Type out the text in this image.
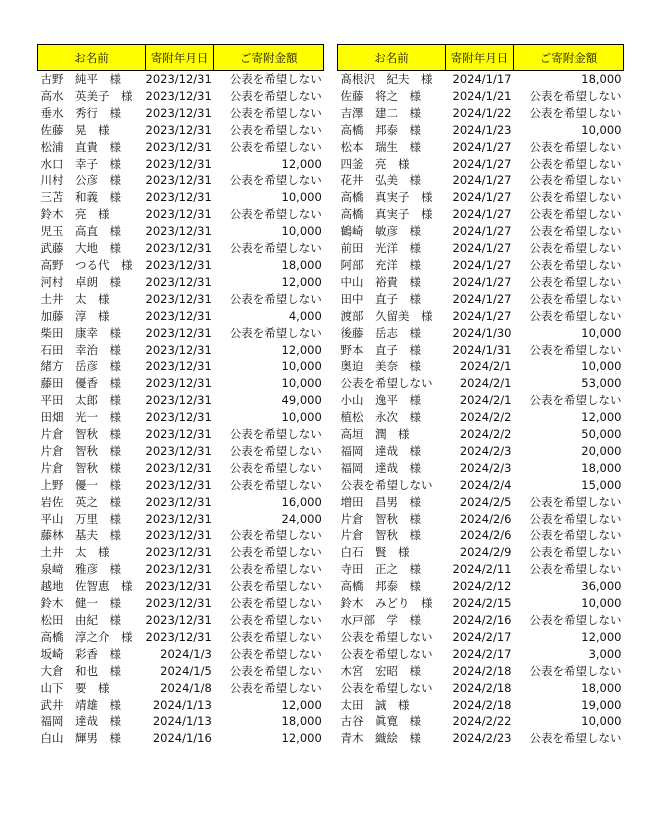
お名前	寄附年月日	ご寄附金額
古野　純平　様	2023/12/31	公表を希望しない
高水　英美子　様	2023/12/31	公表を希望しない
垂水　秀行　様	2023/12/31	公表を希望しない
佐藤　晃　様	2023/12/31	公表を希望しない
松浦　直貴　様	2023/12/31	公表を希望しない
水口　幸子　様	2023/12/31	12,000
川村　公彦　様	2023/12/31	公表を希望しない
三苫　和義　様	2023/12/31	10,000
鈴木　亮　様	2023/12/31	公表を希望しない
児玉　高直　様	2023/12/31	10,000
武藤　大地　様	2023/12/31	公表を希望しない
高野　つる代　様	2023/12/31	18,000
河村　卓朗　様	2023/12/31	12,000
土井　太　様	2023/12/31	公表を希望しない
加藤　淳　様	2023/12/31	4,000
柴田　康幸　様	2023/12/31	公表を希望しない
石田　幸治　様	2023/12/31	12,000
緒方　岳彦　様	2023/12/31	10,000
藤田　優香　様	2023/12/31	10,000
平田　太郎　様	2023/12/31	49,000
田畑　光一　様	2023/12/31	10,000
片倉　智秋　様	2023/12/31	公表を希望しない
片倉　智秋　様	2023/12/31	公表を希望しない
片倉　智秋　様	2023/12/31	公表を希望しない
上野　優一　様	2023/12/31	公表を希望しない
岩佐　英之　様	2023/12/31	16,000
平山　万里　様	2023/12/31	24,000
藤林　基夫　様	2023/12/31	公表を希望しない
土井　太　様	2023/12/31	公表を希望しない
泉﨑　雅彦　様	2023/12/31	公表を希望しない
越地　佐智恵　様	2023/12/31	公表を希望しない
鈴木　健一　様	2023/12/31	公表を希望しない
松田　由紀　様	2023/12/31	公表を希望しない
高橋　淳之介　様	2023/12/31	公表を希望しない
坂崎　彩香　様	2024/1/3	公表を希望しない
大倉　和也　様	2024/1/5	公表を希望しない
山下　要　様	2024/1/8	公表を希望しない
武井　靖雄　様	2024/1/13	12,000
福岡　達哉　様	2024/1/13	18,000
白山　輝男　様	2024/1/16	12,000
お名前	寄附年月日	ご寄附金額
髙根沢　紀夫　様	2024/1/17	18,000
佐藤　将之　様	2024/1/21	公表を希望しない
吉澤　建二　様	2024/1/22	公表を希望しない
高橋　邦泰　様	2024/1/23	10,000
松本　瑞生　様	2024/1/27	公表を希望しない
四釜　亮　様	2024/1/27	公表を希望しない
花井　弘美　様	2024/1/27	公表を希望しない
高橋　真実子　様	2024/1/27	公表を希望しない
高橋　真実子　様	2024/1/27	公表を希望しない
鶴崎　敏彦　様	2024/1/27	公表を希望しない
前田　光洋　様	2024/1/27	公表を希望しない
阿部　充洋　様	2024/1/27	公表を希望しない
中山　裕貴　様	2024/1/27	公表を希望しない
田中　直子　様	2024/1/27	公表を希望しない
渡部　久留美　様	2024/1/27	公表を希望しない
後藤　岳志　様	2024/1/30	10,000
野本　直子　様	2024/1/31	公表を希望しない
奥迫　美奈　様	2024/2/1	10,000
公表を希望しない	2024/2/1	53,000
小山　逸平　様	2024/2/1	公表を希望しない
植松　永次　様	2024/2/2	12,000
高垣　潤　様	2024/2/2	50,000
福岡　達哉　様	2024/2/3	20,000
福岡　達哉　様	2024/2/3	18,000
公表を希望しない	2024/2/4	15,000
増田　昌男　様	2024/2/5	公表を希望しない
片倉　智秋　様	2024/2/6	公表を希望しない
片倉　智秋　様	2024/2/6	公表を希望しない
白石　賢　様	2024/2/9	公表を希望しない
寺田　正之　様	2024/2/11	公表を希望しない
高橋　邦泰　様	2024/2/12	36,000
鈴木　みどり　様	2024/2/15	10,000
水戸部　学　様	2024/2/16	公表を希望しない
公表を希望しない	2024/2/17	12,000
公表を希望しない	2024/2/17	3,000
木宮　宏昭　様	2024/2/18	公表を希望しない
公表を希望しない	2024/2/18	18,000
太田　誠　様	2024/2/18	19,000
古谷　眞寛　様	2024/2/22	10,000
青木　織絵　様	2024/2/23	公表を希望しない
